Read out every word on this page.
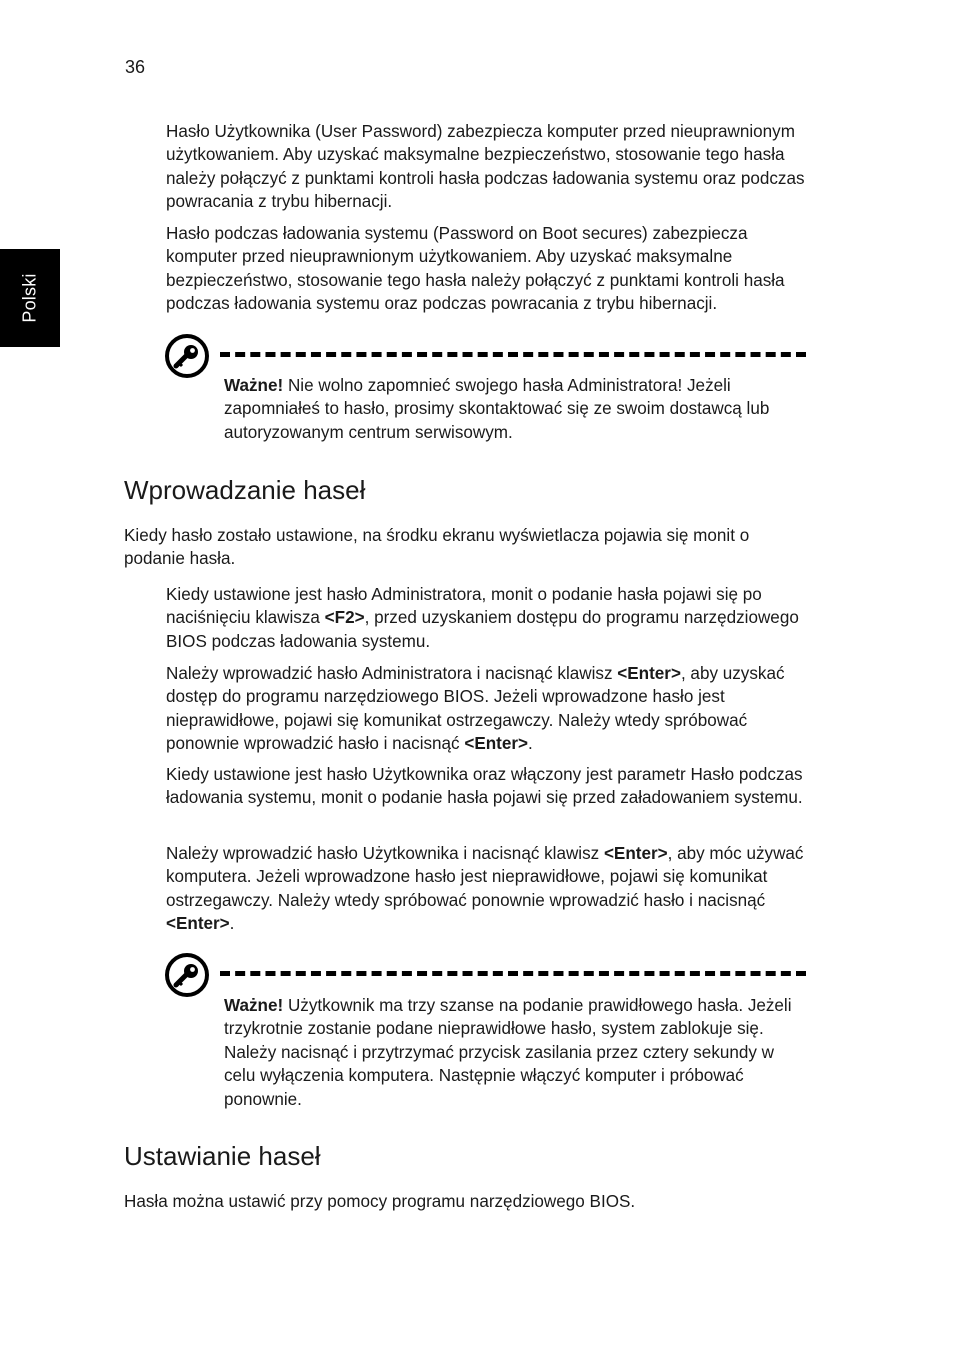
36
Polski

Hasło Użytkownika (User Password) zabezpiecza komputer przed nieuprawnionym użytkowaniem. Aby uzyskać maksymalne bezpieczeństwo, stosowanie tego hasła należy połączyć z punktami kontroli hasła podczas ładowania systemu oraz podczas powracania z trybu hibernacji.

Hasło podczas ładowania systemu (Password on Boot secures) zabezpiecza komputer przed nieuprawnionym użytkowaniem. Aby uzyskać maksymalne bezpieczeństwo, stosowanie tego hasła należy połączyć z punktami kontroli hasła podczas ładowania systemu oraz podczas powracania z trybu hibernacji.

Ważne! Nie wolno zapomnieć swojego hasła Administratora! Jeżeli zapomniałeś to hasło, prosimy skontaktować się ze swoim dostawcą lub autoryzowanym centrum serwisowym.

Wprowadzanie haseł

Kiedy hasło zostało ustawione, na środku ekranu wyświetlacza pojawia się monit o podanie hasła.

Kiedy ustawione jest hasło Administratora, monit o podanie hasła pojawi się po naciśnięciu klawisza <F2>, przed uzyskaniem dostępu do programu narzędziowego BIOS podczas ładowania systemu.

Należy wprowadzić hasło Administratora i nacisnąć klawisz <Enter>, aby uzyskać dostęp do programu narzędziowego BIOS. Jeżeli wprowadzone hasło jest nieprawidłowe, pojawi się komunikat ostrzegawczy. Należy wtedy spróbować ponownie wprowadzić hasło i nacisnąć <Enter>.

Kiedy ustawione jest hasło Użytkownika oraz włączony jest parametr Hasło podczas ładowania systemu, monit o podanie hasła pojawi się przed załadowaniem systemu.

Należy wprowadzić hasło Użytkownika i nacisnąć klawisz <Enter>, aby móc używać komputera. Jeżeli wprowadzone hasło jest nieprawidłowe, pojawi się komunikat ostrzegawczy. Należy wtedy spróbować ponownie wprowadzić hasło i nacisnąć <Enter>.

Ważne! Użytkownik ma trzy szanse na podanie prawidłowego hasła. Jeżeli trzykrotnie zostanie podane nieprawidłowe hasło, system zablokuje się. Należy nacisnąć i przytrzymać przycisk zasilania przez cztery sekundy w celu wyłączenia komputera. Następnie włączyć komputer i próbować ponownie.

Ustawianie haseł

Hasła można ustawić przy pomocy programu narzędziowego BIOS.
